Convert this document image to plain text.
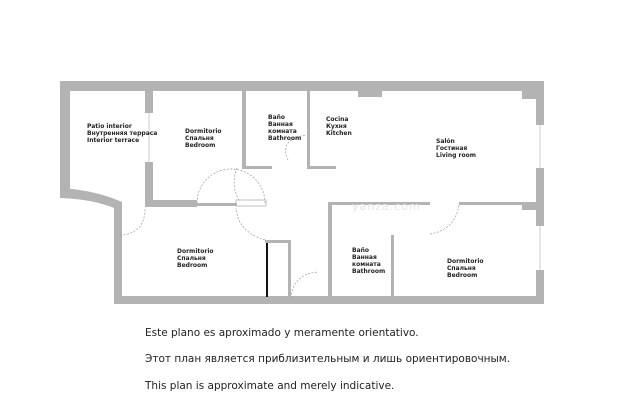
yanza.com
Patio interior
Внутренняя терраса
Interior terrace
Dormitorio
Спальня
Bedroom
Baño
Ванная
комната
Bathroom
Cocina
Кухня
Kitchen
Salón
Гостиная
Living room
Dormitorio
Спальня
Bedroom
Baño
Ванная
комната
Bathroom
Dormitorio
Спальня
Bedroom
Este plano es aproximado y meramente orientativo.
Этот план является приблизительным и лишь ориентировочным.
This plan is approximate and merely indicative.
